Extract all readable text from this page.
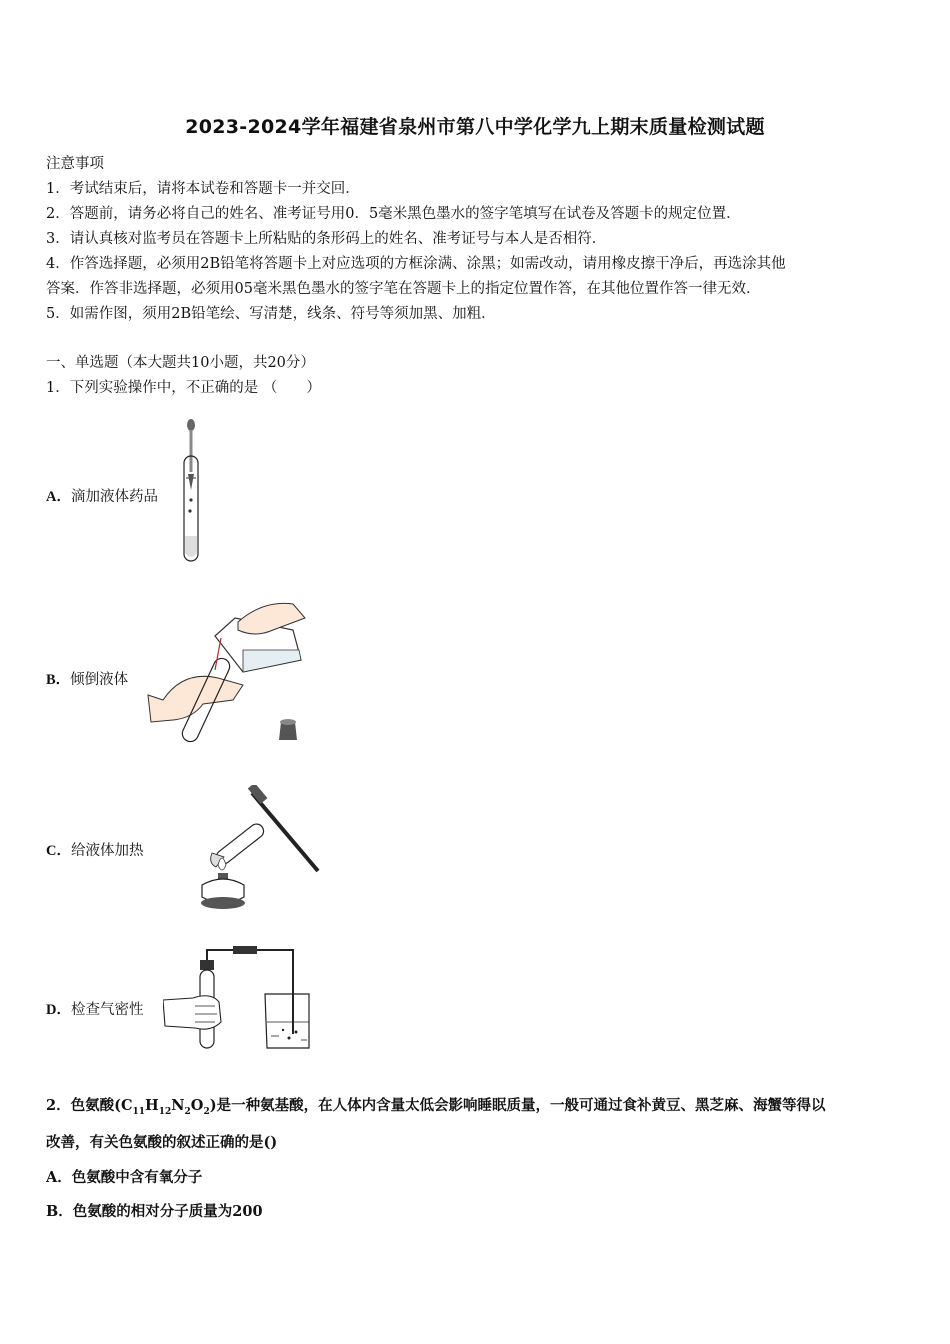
2023-2024学年福建省泉州市第八中学化学九上期末质量检测试题
注意事项
1．考试结束后，请将本试卷和答题卡一并交回．
2．答题前，请务必将自己的姓名、准考证号用0．5毫米黑色墨水的签字笔填写在试卷及答题卡的规定位置．
3．请认真核对监考员在答题卡上所粘贴的条形码上的姓名、准考证号与本人是否相符．
4．作答选择题，必须用2B铅笔将答题卡上对应选项的方框涂满、涂黑；如需改动，请用橡皮擦干净后，再选涂其他
答案．作答非选择题，必须用05毫米黑色墨水的签字笔在答题卡上的指定位置作答，在其他位置作答一律无效．
5．如需作图，须用2B铅笔绘、写清楚，线条、符号等须加黑、加粗．
一、单选题（本大题共10小题，共20分）
1．下列实验操作中，不正确的是 （　　）
A．滴加液体药品
B．倾倒液体
C．给液体加热
D．检查气密性
2．色氨酸$(C_{11}H_{12}N_2O_2)$是一种氨基酸，在人体内含量太低会影响睡眠质量，一般可通过食补黄豆、黑芝麻、海蟹等得以
改善，有关色氨酸的叙述正确的是()
A．色氨酸中含有氧分子
B．色氨酸的相对分子质量为200
